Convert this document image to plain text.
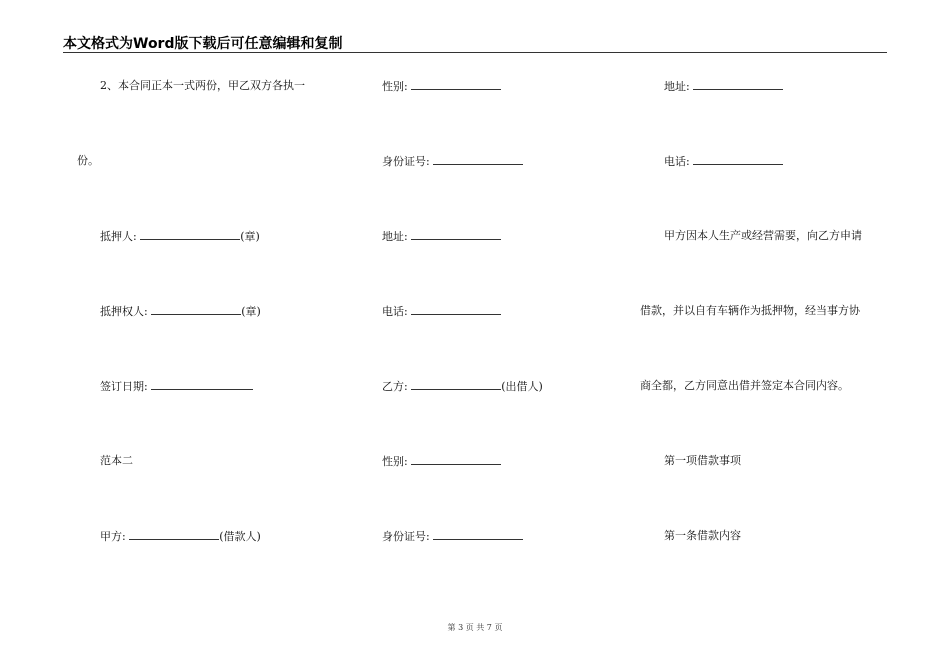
本文格式为Word版下载后可任意编辑和复制
2、本合同正本一式两份，甲乙双方各执一
份。
抵押人:	(章)
抵押权人:	(章)
签订日期:
范本二
甲方:	(借款人)
性别:
身份证号:
地址:
电话:
乙方:	(出借人)
性别:
身份证号:
地址:
电话:
甲方因本人生产或经营需要，向乙方申请
借款，并以自有车辆作为抵押物，经当事方协
商全都，乙方同意出借并签定本合同内容。
第一项借款事项
第一条借款内容
第 3 页 共 7 页
